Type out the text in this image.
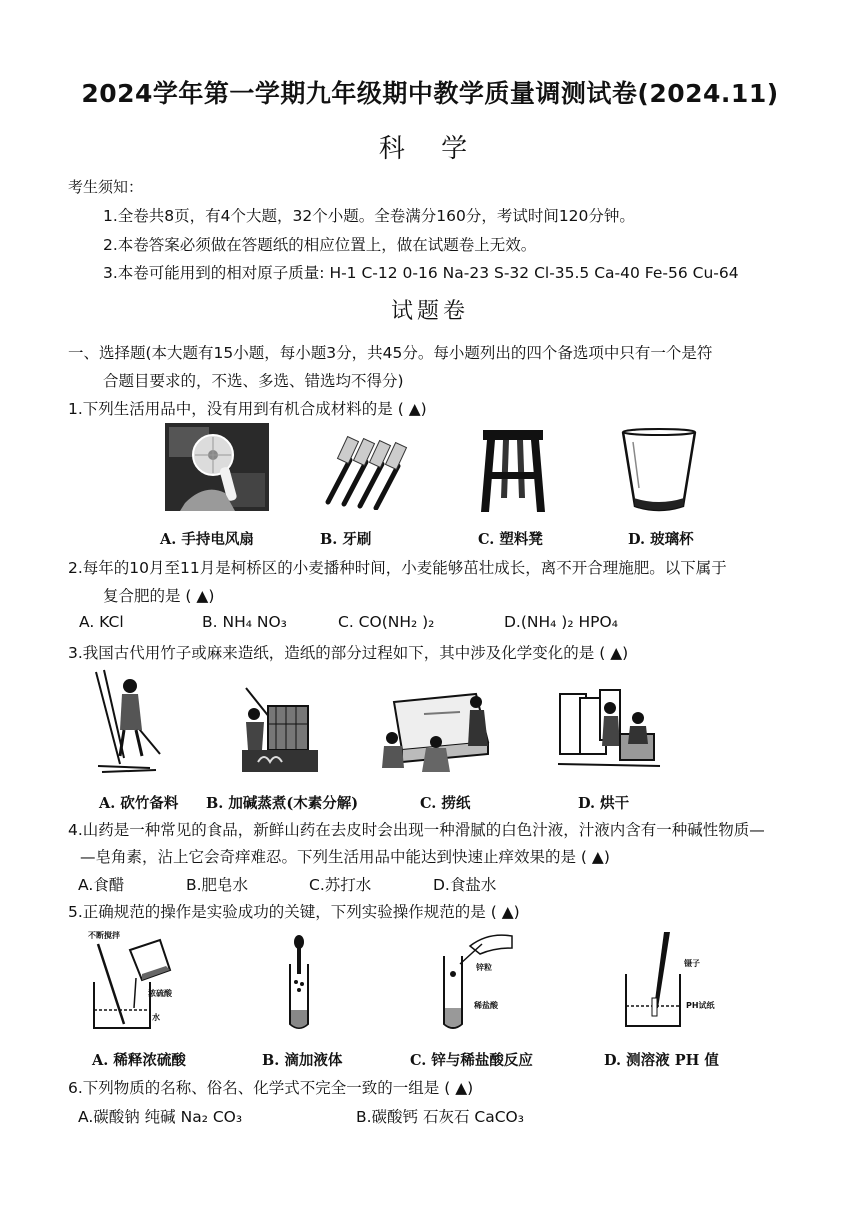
2024学年第一学期九年级期中教学质量调测试卷(2024.11)
科 学
考生须知：
1.全卷共8页，有4个大题，32个小题。全卷满分160分，考试时间120分钟。
2.本卷答案必须做在答题纸的相应位置上，做在试题卷上无效。
3.本卷可能用到的相对原子质量: H-1 C-12 0-16 Na-23 S-32 Cl-35.5 Ca-40 Fe-56 Cu-64
试题卷
一、选择题(本大题有15小题，每小题3分，共45分。每小题列出的四个备选项中只有一个是符
合题目要求的，不选、多选、错选均不得分)
1.下列生活用品中，没有用到有机合成材料的是 ( ▲)
A. 手持电风扇	B. 牙刷	C. 塑料凳	D. 玻璃杯
2.每年的10月至11月是柯桥区的小麦播种时间，小麦能够茁壮成长，离不开合理施肥。以下属于
复合肥的是 ( ▲)
A. KCl	B. NH₄ NO₃	C. CO(NH₂ )₂	D.(NH₄ )₂ HPO₄
3.我国古代用竹子或麻来造纸，造纸的部分过程如下，其中涉及化学变化的是 ( ▲)
A. 砍竹备料 B. 加碱蒸煮(木素分解)	C. 捞纸	D. 烘干
4.山药是一种常见的食品，新鲜山药在去皮时会出现一种滑腻的白色汁液，汁液内含有一种碱性物质—
—皂角素，沾上它会奇痒难忍。下列生活用品中能达到快速止痒效果的是 ( ▲)
A.食醋	B.肥皂水	C.苏打水	D.食盐水
5.正确规范的操作是实验成功的关键，下列实验操作规范的是 ( ▲)
不断搅拌
浓硫酸
水
锌粒
稀盐酸
镊子
PH试纸
A. 稀释浓硫酸	B. 滴加液体	C. 锌与稀盐酸反应	D. 测溶液 PH 值
6.下列物质的名称、俗名、化学式不完全一致的一组是 ( ▲)
A.碳酸钠 纯碱 Na₂ CO₃	B.碳酸钙 石灰石 CaCO₃
